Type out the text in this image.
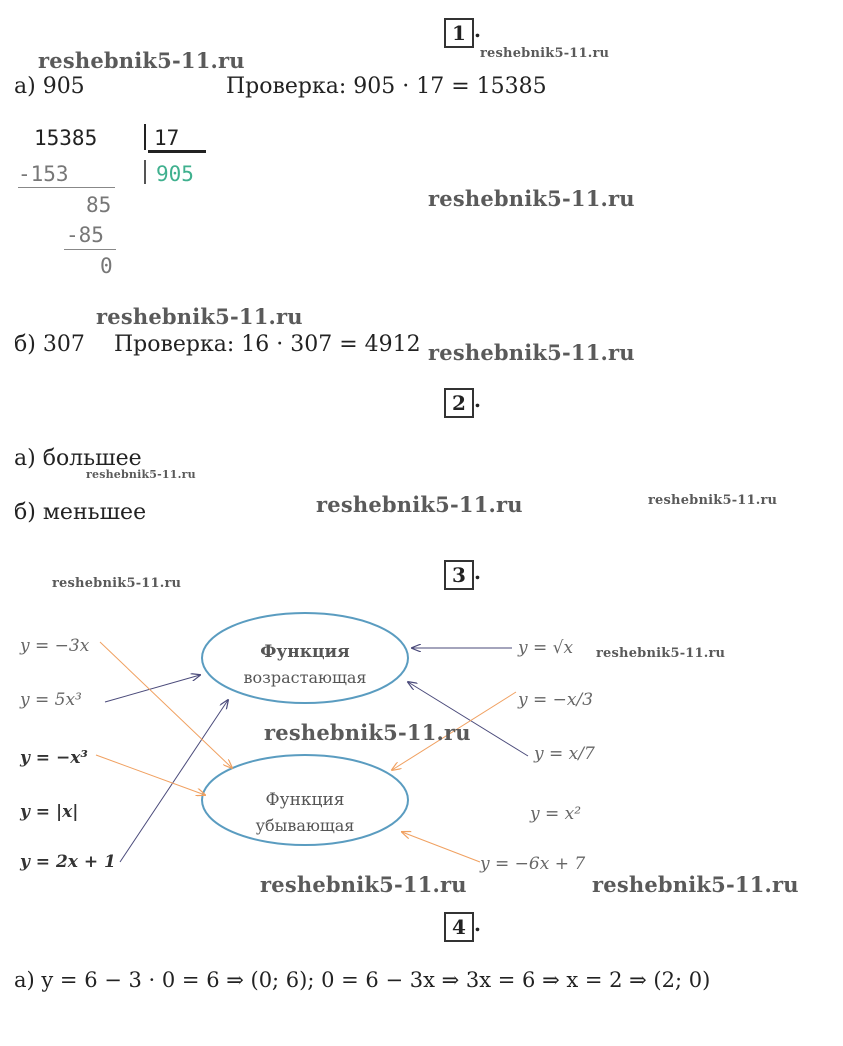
1 .
reshebnik5-11.ru	reshebnik5-11.ru
а) 905	Проверка: 905 · 17 = 15385
15385	17
905
-153
85
-85
0
reshebnik5-11.ru
reshebnik5-11.ru
б) 307 Проверка: 16 · 307 = 4912 reshebnik5-11.ru
2 .
а) большее
reshebnik5-11.ru
б) меньшее	reshebnik5-11.ru	reshebnik5-11.ru
3 .
reshebnik5-11.ru
Функция
возрастающая
Функция
убывающая
y = −3x
y = 5x³
y = −x³
y = |x|
y = 2x + 1
y = √x
y = −x/3
y = x/7
y = x²
y = −6x + 7
reshebnik5-11.ru
reshebnik5-11.ru
reshebnik5-11.ru	reshebnik5-11.ru
4 .
а) y = 6 − 3 · 0 = 6 ⇒ (0; 6); 0 = 6 − 3x ⇒ 3x = 6 ⇒ x = 2 ⇒ (2; 0)
